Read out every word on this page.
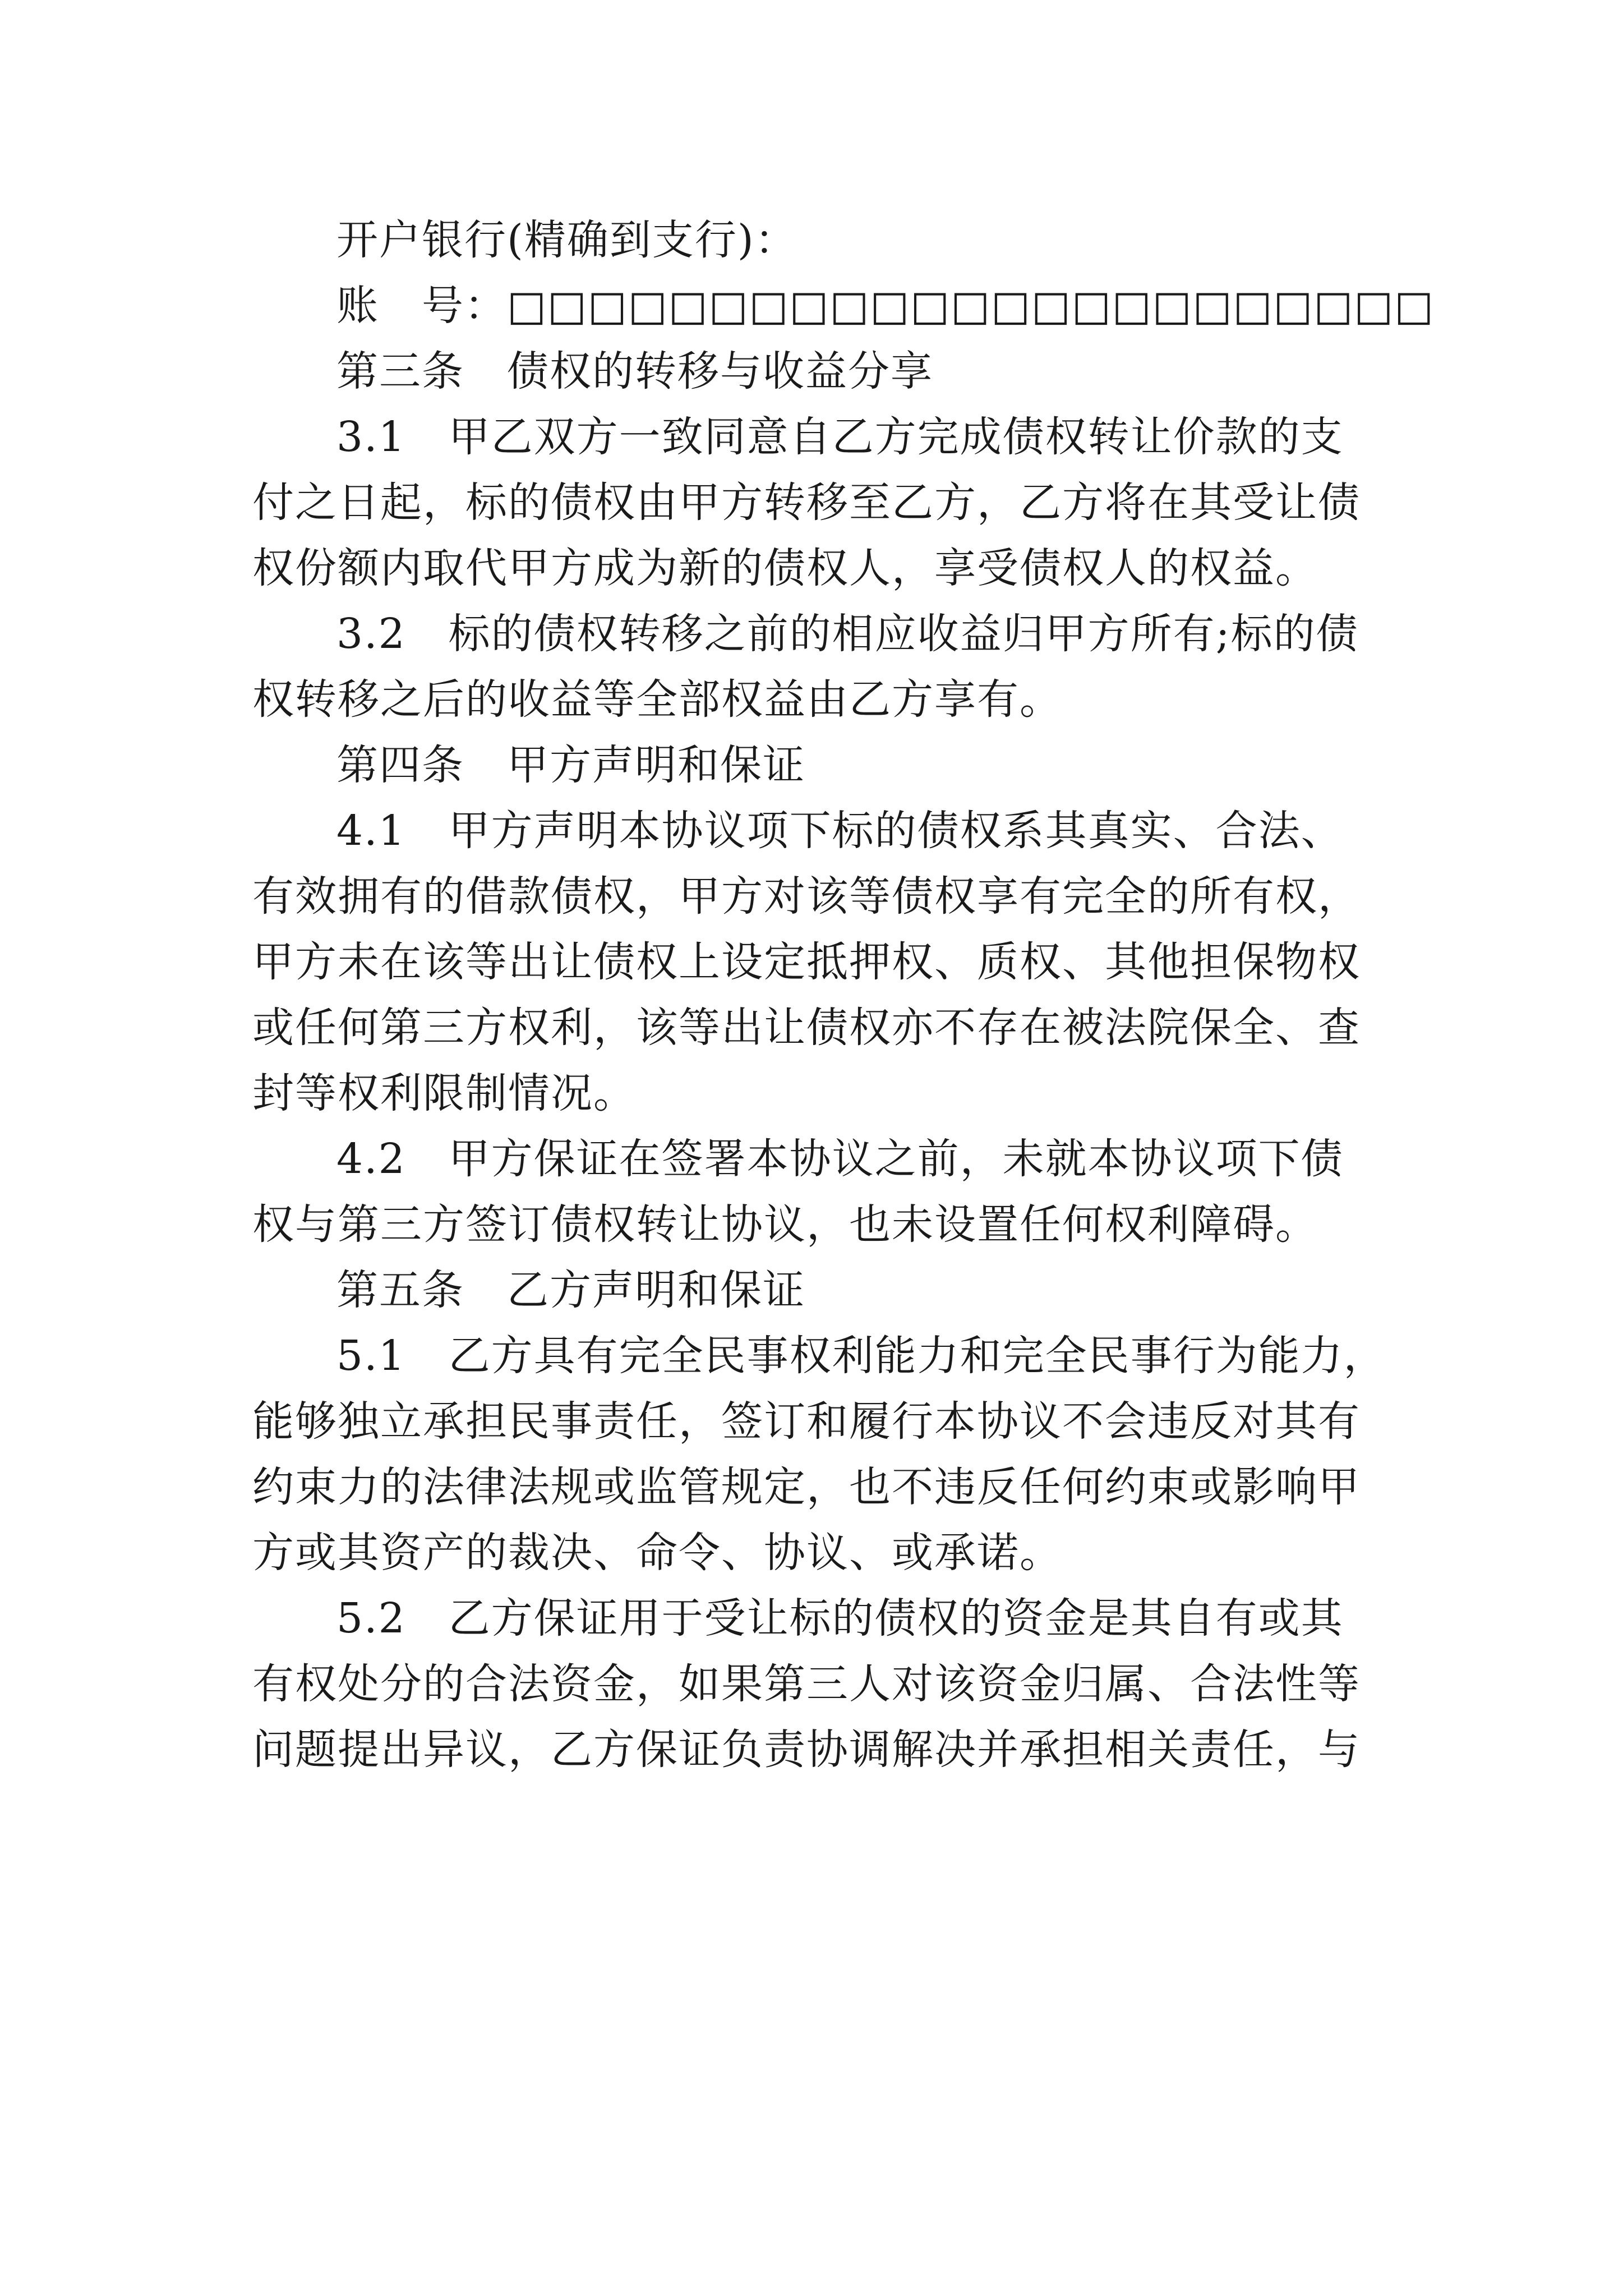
开户银行(精确到支行)：

账　号：□□□□□□□□□□□□□□□□□□□□□□□

第三条　债权的转移与收益分享

3.1　甲乙双方一致同意自乙方完成债权转让价款的支

付之日起，标的债权由甲方转移至乙方，乙方将在其受让债

权份额内取代甲方成为新的债权人，享受债权人的权益。

3.2　标的债权转移之前的相应收益归甲方所有;标的债

权转移之后的收益等全部权益由乙方享有。

第四条　甲方声明和保证

4.1　甲方声明本协议项下标的债权系其真实、合法、

有效拥有的借款债权，甲方对该等债权享有完全的所有权，

甲方未在该等出让债权上设定抵押权、质权、其他担保物权

或任何第三方权利，该等出让债权亦不存在被法院保全、查

封等权利限制情况。

4.2　甲方保证在签署本协议之前，未就本协议项下债

权与第三方签订债权转让协议，也未设置任何权利障碍。

第五条　乙方声明和保证

5.1　乙方具有完全民事权利能力和完全民事行为能力，

能够独立承担民事责任，签订和履行本协议不会违反对其有

约束力的法律法规或监管规定，也不违反任何约束或影响甲

方或其资产的裁决、命令、协议、或承诺。

5.2　乙方保证用于受让标的债权的资金是其自有或其

有权处分的合法资金，如果第三人对该资金归属、合法性等

问题提出异议，乙方保证负责协调解决并承担相关责任，与
